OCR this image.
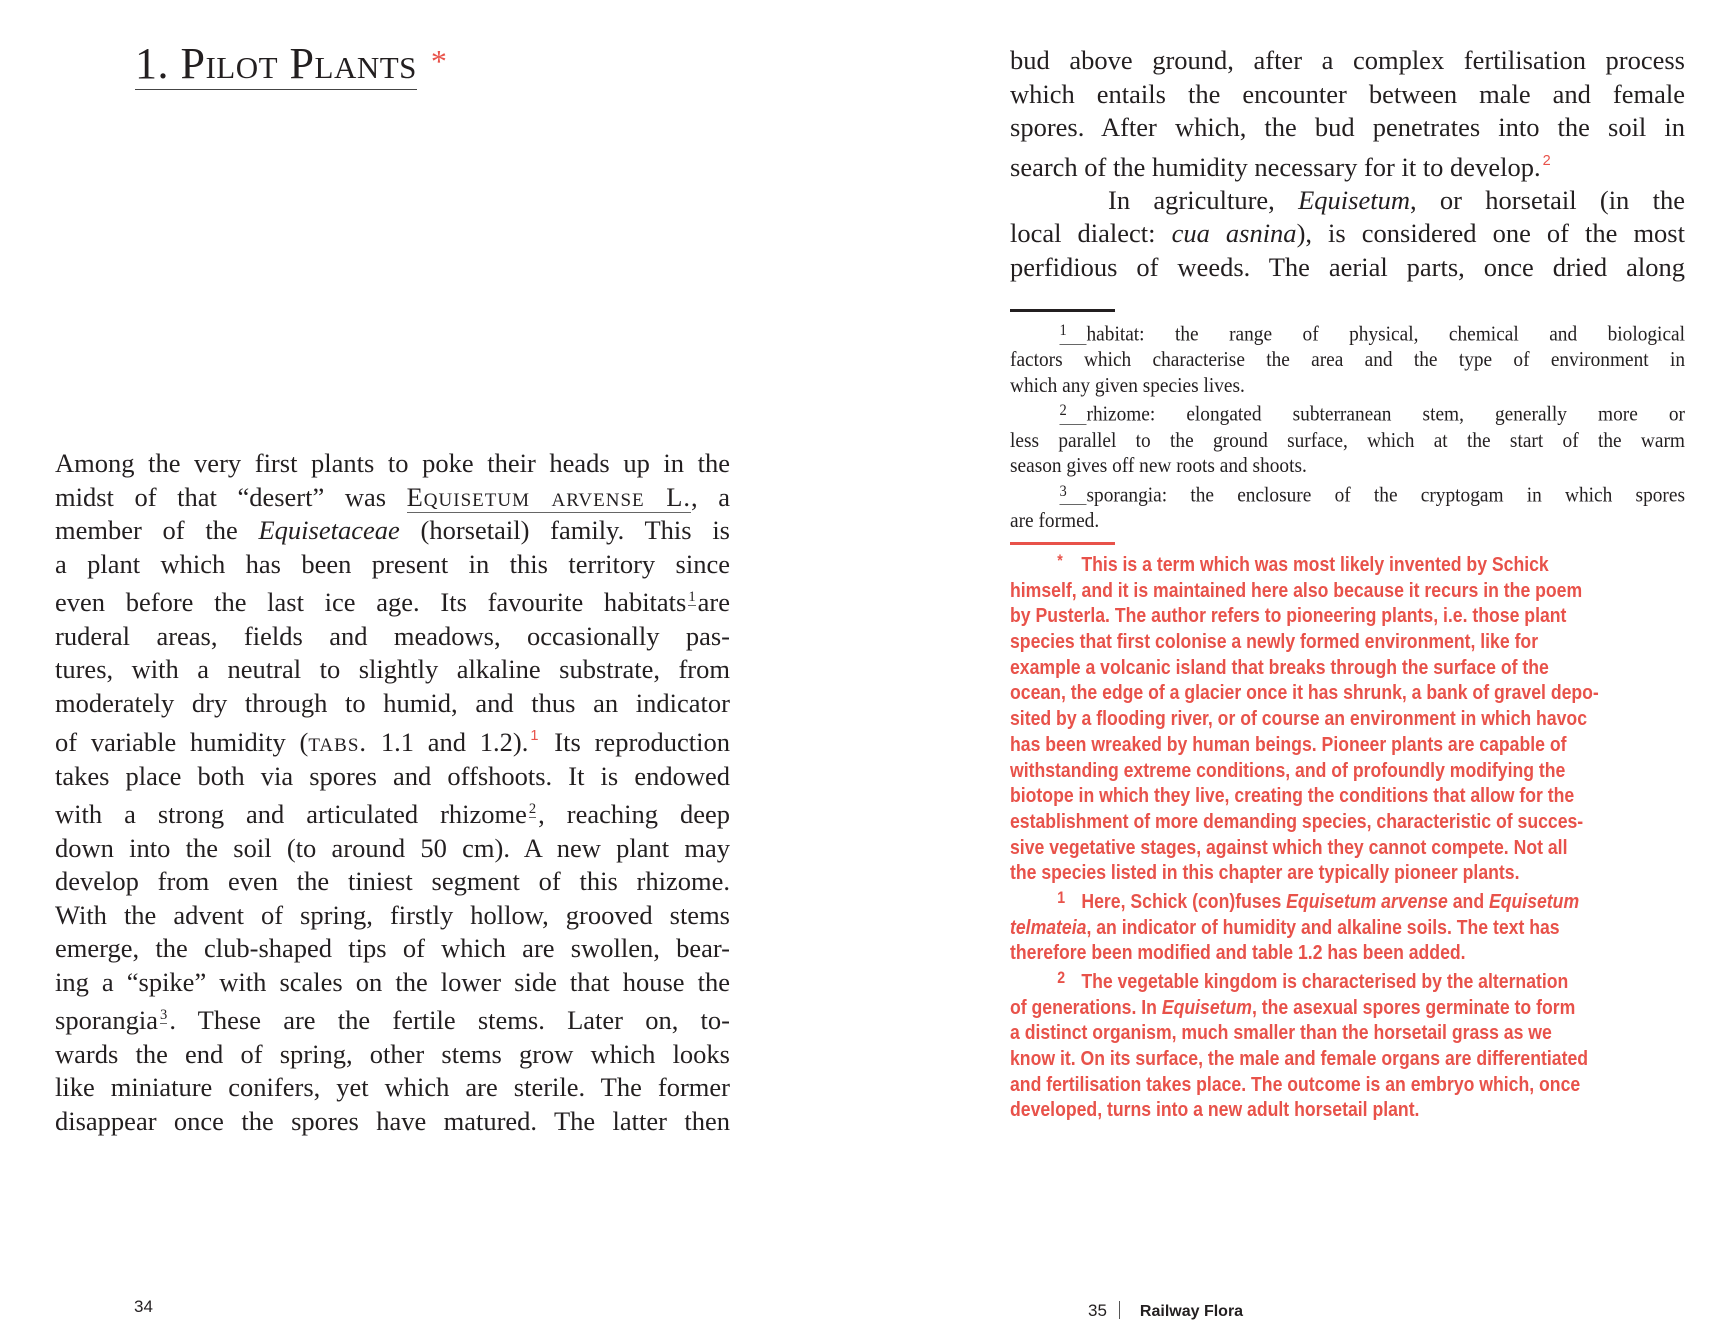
1. Pilot Plants *
Among the very first plants to poke their heads up in the
midst of that “desert” was Equisetum arvense L., a
member of the Equisetaceae (horsetail) family. This is
a plant which has been present in this territory since
even before the last ice age. Its favourite habitats $^1$are
ruderal areas, fields and meadows, occasionally pas-
tures, with a neutral to slightly alkaline substrate, from
moderately dry through to humid, and thus an indicator
of variable humidity (tabs. 1.1 and 1.2). $^1$ Its reproduction
takes place both via spores and offshoots. It is endowed
with a strong and articulated rhizome $^2$, reaching deep
down into the soil (to around 50 cm). A new plant may
develop from even the tiniest segment of this rhizome.
With the advent of spring, firstly hollow, grooved stems
emerge, the club-shaped tips of which are swollen, bear-
ing a “spike” with scales on the lower side that house the
sporangia $^3$. These are the fertile stems. Later on, to-
wards the end of spring, other stems grow which looks
like miniature conifers, yet which are sterile. The former
disappear once the spores have matured. The latter then
bud above ground, after a complex fertilisation process
which entails the encounter between male and female
spores. After which, the bud penetrates into the soil in
search of the humidity necessary for it to develop. $^2$
In agriculture, Equisetum, or horsetail (in the
local dialect: cua asnina), is considered one of the most
perfidious of weeds. The aerial parts, once dried along
1 habitat: the range of physical, chemical and biological
factors which characterise the area and the type of environment in
which any given species lives.
2 rhizome: elongated subterranean stem, generally more or
less parallel to the ground surface, which at the start of the warm
season gives off new roots and shoots.
3 sporangia: the enclosure of the cryptogam in which spores
are formed.
* This is a term which was most likely invented by Schick
himself, and it is maintained here also because it recurs in the poem
by Pusterla. The author refers to pioneering plants, i.e. those plant
species that first colonise a newly formed environment, like for
example a volcanic island that breaks through the surface of the
ocean, the edge of a glacier once it has shrunk, a bank of gravel depo-
sited by a flooding river, or of course an environment in which havoc
has been wreaked by human beings. Pioneer plants are capable of
withstanding extreme conditions, and of profoundly modifying the
biotope in which they live, creating the conditions that allow for the
establishment of more demanding species, characteristic of succes-
sive vegetative stages, against which they cannot compete. Not all
the species listed in this chapter are typically pioneer plants.
1 Here, Schick (con)fuses Equisetum arvense and Equisetum
telmateia, an indicator of humidity and alkaline soils. The text has
therefore been modified and table 1.2 has been added.
2 The vegetable kingdom is characterised by the alternation
of generations. In Equisetum, the asexual spores germinate to form
a distinct organism, much smaller than the horsetail grass as we
know it. On its surface, the male and female organs are differentiated
and fertilisation takes place. The outcome is an embryo which, once
developed, turns into a new adult horsetail plant.
34	35 Railway Flora
